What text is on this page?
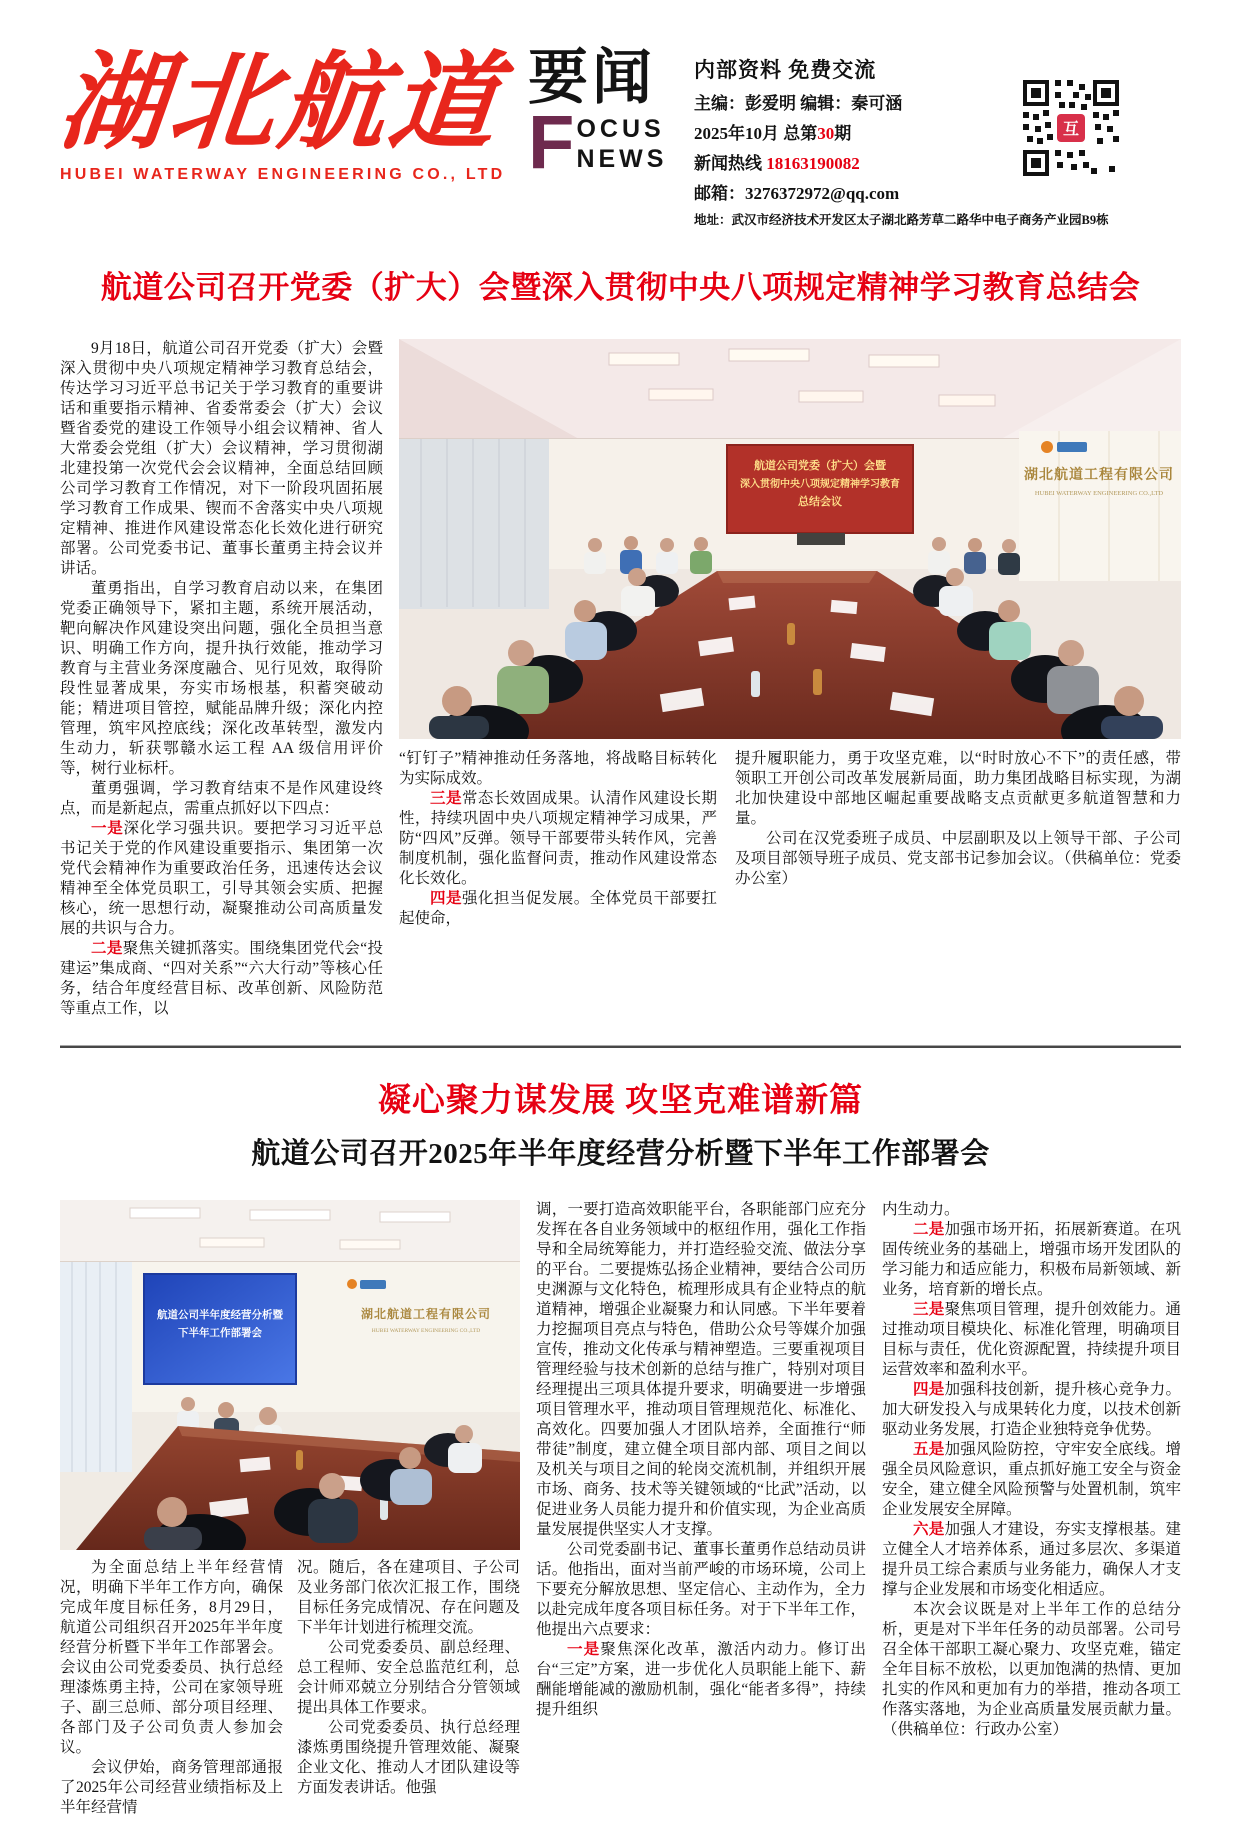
湖北航道
HUBEI WATERWAY ENGINEERING CO., LTD
要闻
F OCUS
NEWS
内部资料 免费交流
主编：彭爱明 编辑：秦可涵
2025年10月 总第30期
新闻热线 18163190082
邮箱：3276372972@qq.com
地址：武汉市经济技术开发区太子湖北路芳草二路华中电子商务产业园B9栋
互
航道公司召开党委（扩大）会暨深入贯彻中央八项规定精神学习教育总结会

9月18日，航道公司召开党委（扩大）会暨深入贯彻中央八项规定精神学习教育总结会，传达学习习近平总书记关于学习教育的重要讲话和重要指示精神、省委常委会（扩大）会议暨省委党的建设工作领导小组会议精神、省人大常委会党组（扩大）会议精神，学习贯彻湖北建投第一次党代会会议精神，全面总结回顾公司学习教育工作情况，对下一阶段巩固拓展学习教育工作成果、锲而不舍落实中央八项规定精神、推进作风建设常态化长效化进行研究部署。公司党委书记、董事长董勇主持会议并讲话。

董勇指出，自学习教育启动以来，在集团党委正确领导下，紧扣主题，系统开展活动，靶向解决作风建设突出问题，强化全员担当意识、明确工作方向，提升执行效能，推动学习教育与主营业务深度融合、见行见效，取得阶段性显著成果，夯实市场根基，积蓄突破动能；精进项目管控，赋能品牌升级；深化内控管理，筑牢风控底线；深化改革转型，激发内生动力，斩获鄂赣水运工程 AA 级信用评价等，树行业标杆。

董勇强调，学习教育结束不是作风建设终点，而是新起点，需重点抓好以下四点：

一是深化学习强共识。要把学习习近平总书记关于党的作风建设重要指示、集团第一次党代会精神作为重要政治任务，迅速传达会议精神至全体党员职工，引导其领会实质、把握核心，统一思想行动，凝聚推动公司高质量发展的共识与合力。

二是聚焦关键抓落实。围绕集团党代会“投建运”集成商、“四对关系”“六大行动”等核心任务，结合年度经营目标、改革创新、风险防范等重点工作，以

湖北航道工程有限公司
HUBEI WATERWAY ENGINEERING CO.,LTD
航道公司党委（扩大）会暨
深入贯彻中央八项规定精神学习教育
总结会议

“钉钉子”精神推动任务落地，将战略目标转化为实际成效。

三是常态长效固成果。认清作风建设长期性，持续巩固中央八项规定精神学习成果，严防“四风”反弹。领导干部要带头转作风，完善制度机制，强化监督问责，推动作风建设常态化长效化。

四是强化担当促发展。全体党员干部要扛起使命，

提升履职能力，勇于攻坚克难，以“时时放心不下”的责任感，带领职工开创公司改革发展新局面，助力集团战略目标实现，为湖北加快建设中部地区崛起重要战略支点贡献更多航道智慧和力量。

公司在汉党委班子成员、中层副职及以上领导干部、子公司及项目部领导班子成员、党支部书记参加会议。（供稿单位：党委办公室）

凝心聚力谋发展 攻坚克难谱新篇
航道公司召开2025年半年度经营分析暨下半年工作部署会
航道公司半年度经营分析暨
下半年工作部署会
湖北航道工程有限公司
HUBEI WATERWAY ENGINEERING CO.,LTD

为全面总结上半年经营情况，明确下半年工作方向，确保完成年度目标任务，8月29日，航道公司组织召开2025年半年度经营分析暨下半年工作部署会。会议由公司党委委员、执行总经理漆炼勇主持，公司在家领导班子、副三总师、部分项目经理、各部门及子公司负责人参加会议。

会议伊始，商务管理部通报了2025年公司经营业绩指标及上半年经营情

况。随后，各在建项目、子公司及业务部门依次汇报工作，围绕目标任务完成情况、存在问题及下半年计划进行梳理交流。

公司党委委员、副总经理、总工程师、安全总监范红利，总会计师邓兢立分别结合分管领域提出具体工作要求。

公司党委委员、执行总经理漆炼勇围绕提升管理效能、凝聚企业文化、推动人才团队建设等方面发表讲话。他强

调，一要打造高效职能平台，各职能部门应充分发挥在各自业务领域中的枢纽作用，强化工作指导和全局统筹能力，并打造经验交流、做法分享的平台。二要提炼弘扬企业精神，要结合公司历史渊源与文化特色，梳理形成具有企业特点的航道精神，增强企业凝聚力和认同感。下半年要着力挖掘项目亮点与特色，借助公众号等媒介加强宣传，推动文化传承与精神塑造。三要重视项目管理经验与技术创新的总结与推广，特别对项目经理提出三项具体提升要求，明确要进一步增强项目管理水平，推动项目管理规范化、标准化、高效化。四要加强人才团队培养，全面推行“师带徒”制度，建立健全项目部内部、项目之间以及机关与项目之间的轮岗交流机制，并组织开展市场、商务、技术等关键领域的“比武”活动，以促进业务人员能力提升和价值实现，为企业高质量发展提供坚实人才支撑。

公司党委副书记、董事长董勇作总结动员讲话。他指出，面对当前严峻的市场环境，公司上下要充分解放思想、坚定信心、主动作为，全力以赴完成年度各项目标任务。对于下半年工作，他提出六点要求：

一是聚焦深化改革，激活内动力。修订出台“三定”方案，进一步优化人员职能上能下、薪酬能增能减的激励机制，强化“能者多得”，持续提升组织

内生动力。

二是加强市场开拓，拓展新赛道。在巩固传统业务的基础上，增强市场开发团队的学习能力和适应能力，积极布局新领域、新业务，培育新的增长点。

三是聚焦项目管理，提升创效能力。通过推动项目模块化、标准化管理，明确项目目标与责任，优化资源配置，持续提升项目运营效率和盈利水平。

四是加强科技创新，提升核心竞争力。加大研发投入与成果转化力度，以技术创新驱动业务发展，打造企业独特竞争优势。

五是加强风险防控，守牢安全底线。增强全员风险意识，重点抓好施工安全与资金安全，建立健全风险预警与处置机制，筑牢企业发展安全屏障。

六是加强人才建设，夯实支撑根基。建立健全人才培养体系，通过多层次、多渠道提升员工综合素质与业务能力，确保人才支撑与企业发展和市场变化相适应。

本次会议既是对上半年工作的总结分析，更是对下半年任务的动员部署。公司号召全体干部职工凝心聚力、攻坚克难，锚定全年目标不放松，以更加饱满的热情、更加扎实的作风和更加有力的举措，推动各项工作落实落地，为企业高质量发展贡献力量。（供稿单位：行政办公室）
